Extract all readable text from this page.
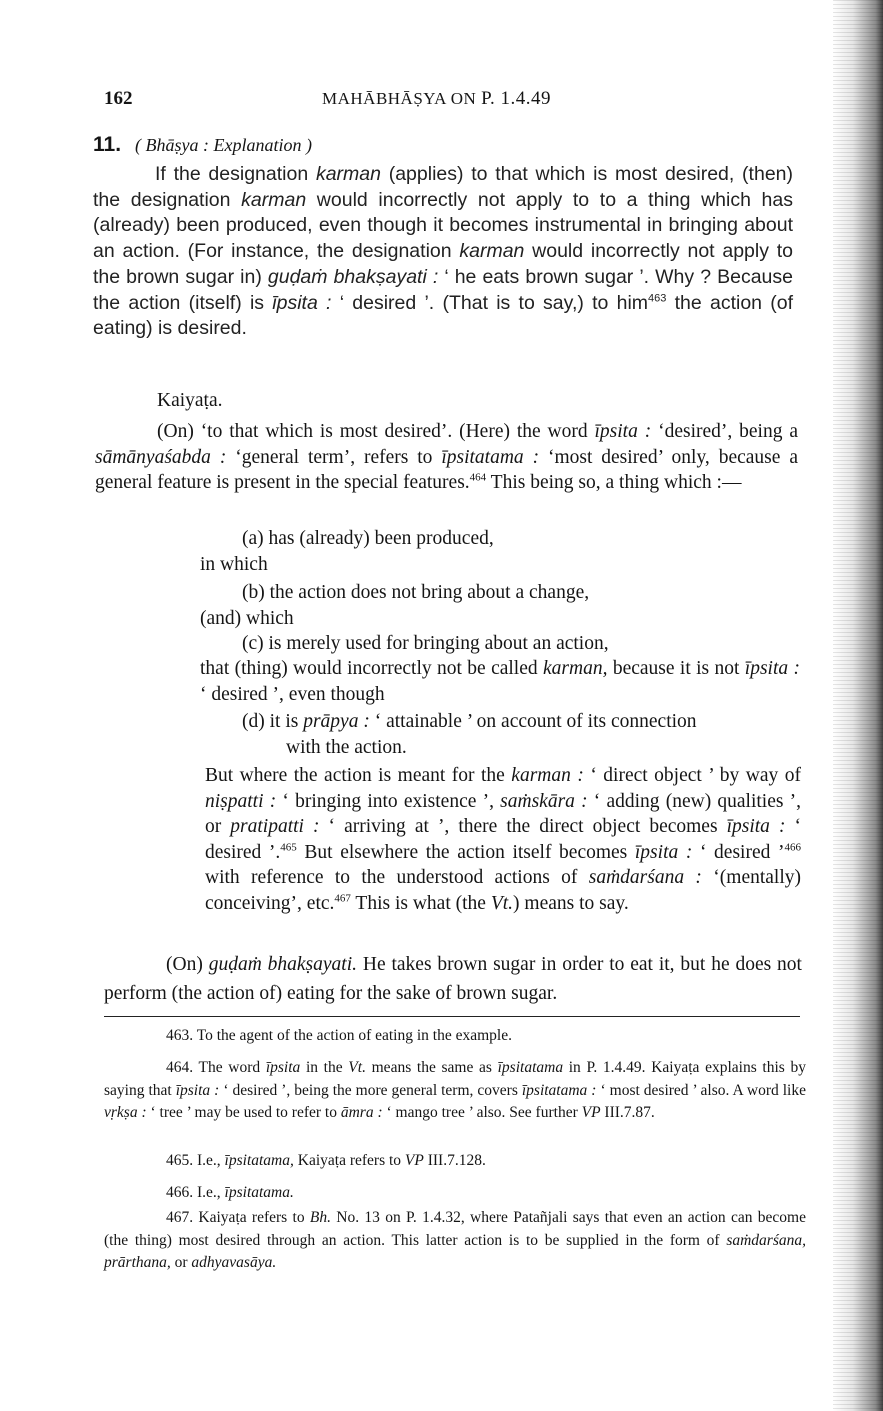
162	MAHĀBHĀṢYA ON P. 1.4.49
11. ( Bhāṣya : Explanation )

If the designation karman (applies) to that which is most desired, (then) the designation karman would incorrectly not apply to to a thing which has (already) been produced, even though it becomes instrumental in bringing about an action. (For instance, the designation karman would incorrectly not apply to the brown sugar in) guḍaṁ bhakṣayati : ‘ he eats brown sugar ’. Why ? Because the action (itself) is īpsita : ‘ desired ’. (That is to say,) to him$^{463}$ the action (of eating) is desired.

Kaiyaṭa.

(On) ‘to that which is most desired’. (Here) the word īpsita : ‘desired’, being a sāmānyaśabda : ‘general term’, refers to īpsitatama : ‘most desired’ only, because a general feature is present in the special features.$^{464}$ This being so, a thing which :—

(a) has (already) been produced,
in which
(b) the action does not bring about a change,
(and) which
(c) is merely used for bringing about an action,
that (thing) would incorrectly not be called karman, because it is not īpsita : ‘ desired ’, even though
(d) it is prāpya : ‘ attainable ’ on account of its connection
with the action.
But where the action is meant for the karman : ‘ direct object ’ by way of niṣpatti : ‘ bringing into existence ’, saṁskāra : ‘ adding (new) qualities ’, or pratipatti : ‘ arriving at ’, there the direct object becomes īpsita : ‘ desired ’.$^{465}$ But elsewhere the action itself becomes īpsita : ‘ desired ’$^{466}$ with reference to the understood actions of saṁdarśana : ‘(mentally) conceiving’, etc.$^{467}$ This is what (the Vt.) means to say.

(On) guḍaṁ bhakṣayati. He takes brown sugar in order to eat it, but he does not perform (the action of) eating for the sake of brown sugar.

463. To the agent of the action of eating in the example.

464. The word īpsita in the Vt. means the same as īpsitatama in P. 1.4.49. Kaiyaṭa explains this by saying that īpsita : ‘ desired ’, being the more general term, covers īpsitatama : ‘ most desired ’ also. A word like vṛkṣa : ‘ tree ’ may be used to refer to āmra : ‘ mango tree ’ also. See further VP III.7.87.

465. I.e., īpsitatama, Kaiyaṭa refers to VP III.7.128.

466. I.e., īpsitatama.

467. Kaiyaṭa refers to Bh. No. 13 on P. 1.4.32, where Patañjali says that even an action can become (the thing) most desired through an action. This latter action is to be supplied in the form of saṁdarśana, prārthana, or adhyavasāya.
